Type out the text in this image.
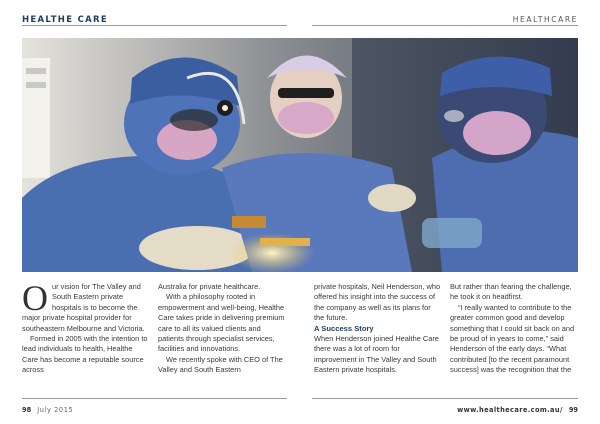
HEALTHE CARE	HEALTHCARE

Our vision for The Valley and South Eastern private hospitals is to become the major private hospital provider for southeastern Melbourne and Victoria.

Formed in 2005 with the intention to lead individuals to health, Healthe Care has become a reputable source across

Australia for private healthcare.

With a philosophy rooted in empowerment and well-being, Healthe Care takes pride in delivering premium care to all its valued clients and patients through specialist services, facilities and innovations.

We recently spoke with CEO of The Valley and South Eastern

private hospitals, Neil Henderson, who offered his insight into the success of the company as well as its plans for the future.

A Success Story

When Henderson joined Healthe Care there was a lot of room for improvement in The Valley and South Eastern private hospitals.

But rather than fearing the challenge, he took it on headfirst.

“I really wanted to contribute to the greater common good and develop something that I could sit back on and be proud of in years to come,” said Henderson of the early days. “What contributed [to the recent paramount success] was the recognition that the

98 July 2015	www.healthecare.com.au/ 99
